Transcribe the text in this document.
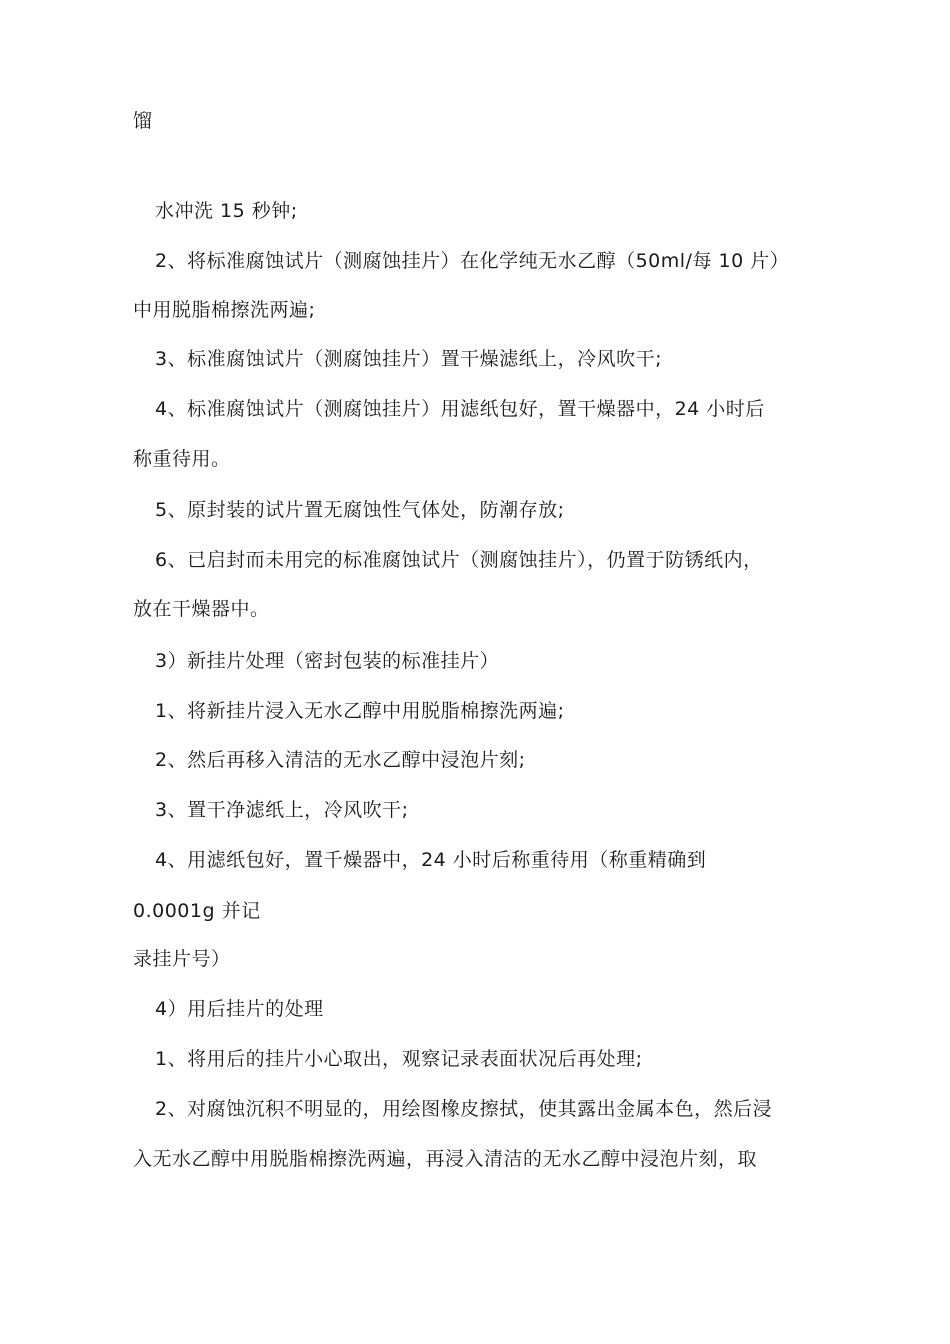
馏
水冲洗 15 秒钟;
2、将标准腐蚀试片（测腐蚀挂片）在化学纯无水乙醇（50ml/每 10 片）
中用脱脂棉擦洗两遍;
3、标准腐蚀试片（测腐蚀挂片）置干燥滤纸上，冷风吹干;
4、标准腐蚀试片（测腐蚀挂片）用滤纸包好，置干燥器中，24 小时后
称重待用。
5、原封装的试片置无腐蚀性气体处，防潮存放;
6、已启封而未用完的标准腐蚀试片（测腐蚀挂片），仍置于防锈纸内，
放在干燥器中。
3）新挂片处理（密封包装的标准挂片）
1、将新挂片浸入无水乙醇中用脱脂棉擦洗两遍;
2、然后再移入清洁的无水乙醇中浸泡片刻;
3、置干净滤纸上，冷风吹干;
4、用滤纸包好，置千燥器中，24 小时后称重待用（称重精确到
0.0001g 并记
录挂片号）
4）用后挂片的处理
1、将用后的挂片小心取出，观察记录表面状况后再处理;
2、对腐蚀沉积不明显的，用绘图橡皮擦拭，使其露出金属本色，然后浸
入无水乙醇中用脱脂棉擦洗两遍，再浸入清洁的无水乙醇中浸泡片刻，取
